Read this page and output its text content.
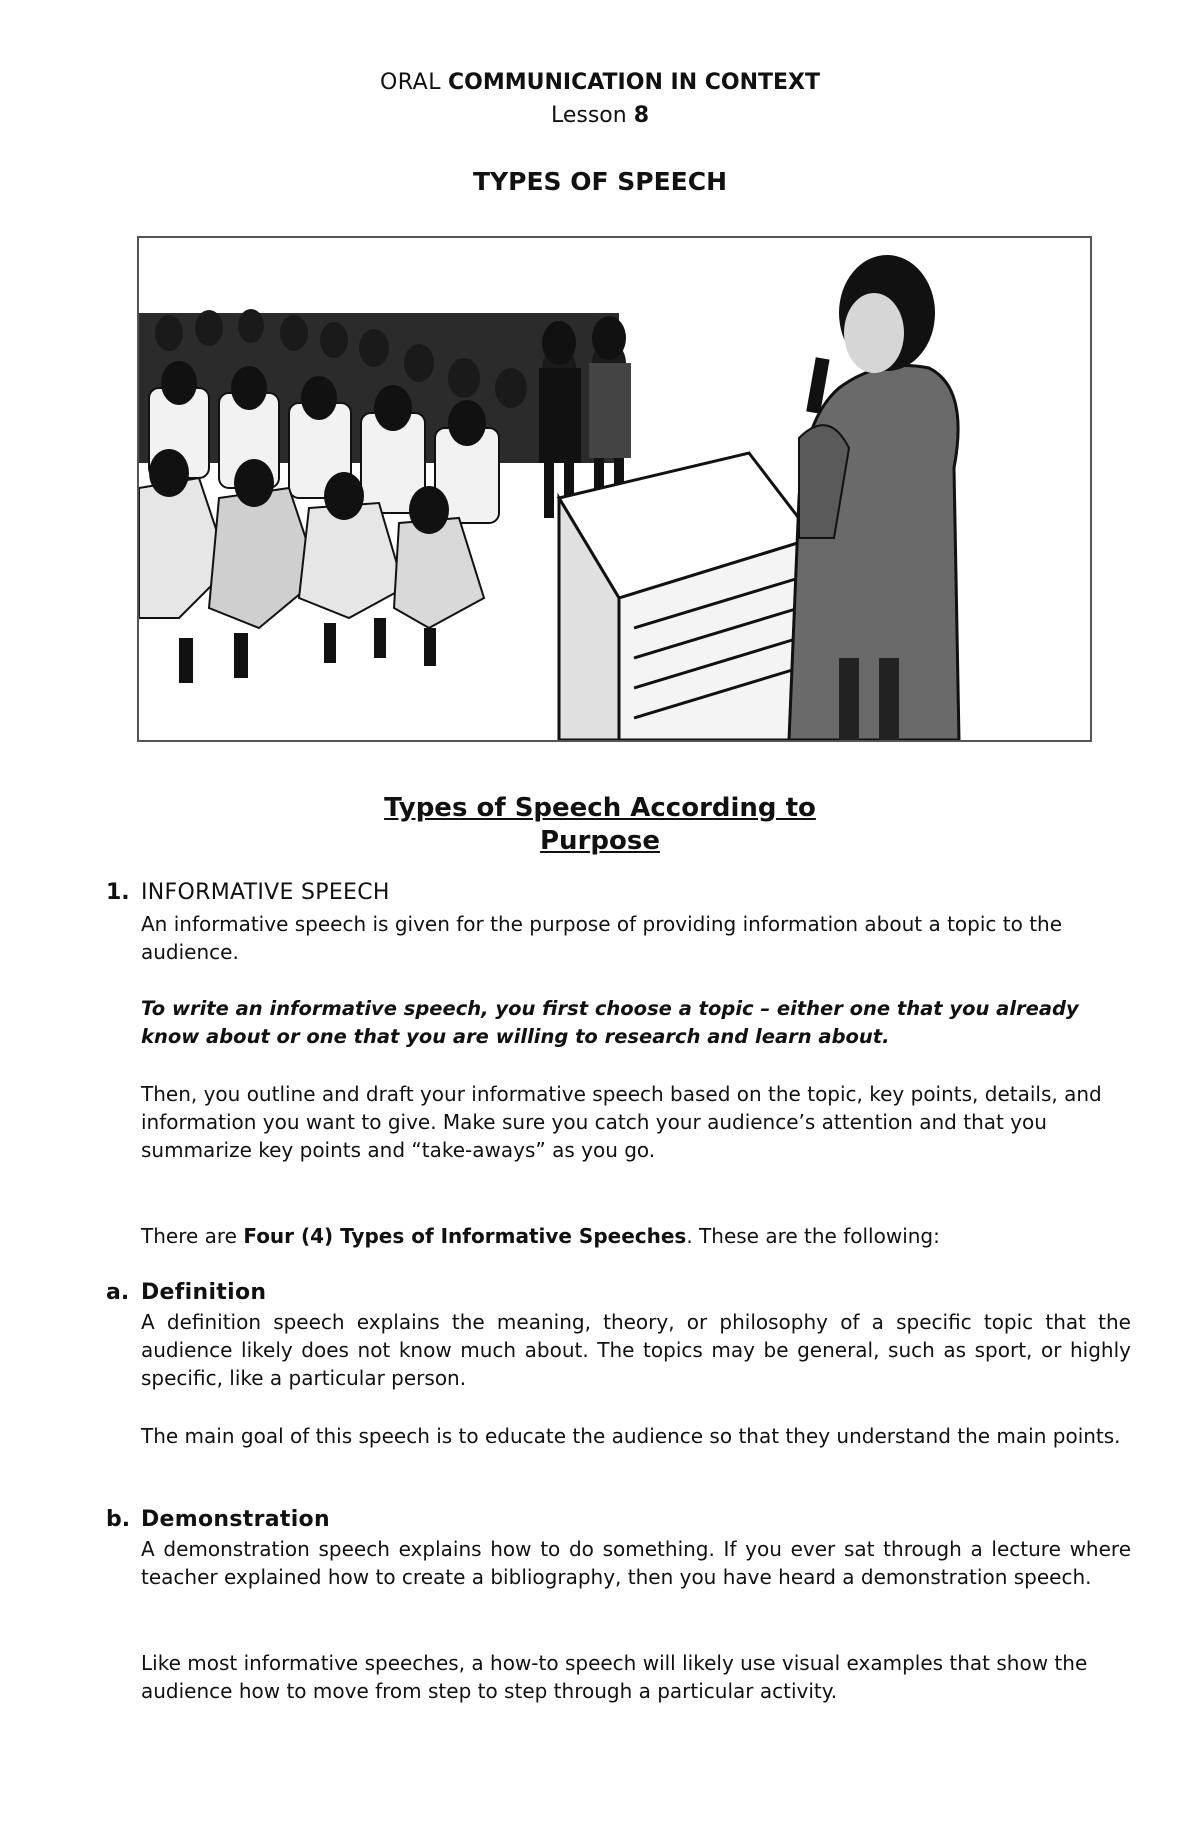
ORAL COMMUNICATION IN CONTEXT
Lesson 8
TYPES OF SPEECH
Types of Speech According to
Purpose
1. INFORMATIVE SPEECH

An informative speech is given for the purpose of providing information about a topic to the audience.

To write an informative speech, you first choose a topic – either one that you already know about or one that you are willing to research and learn about.

Then, you outline and draft your informative speech based on the topic, key points, details, and information you want to give. Make sure you catch your audience’s attention and that you summarize key points and “take-aways” as you go.

There are Four (4) Types of Informative Speeches. These are the following:
a. Definition

A definition speech explains the meaning, theory, or philosophy of a specific topic that the audience likely does not know much about. The topics may be general, such as sport, or highly specific, like a particular person.

The main goal of this speech is to educate the audience so that they understand the main points.

b. Demonstration

A demonstration speech explains how to do something. If you ever sat through a lecture where teacher explained how to create a bibliography, then you have heard a demonstration speech.

Like most informative speeches, a how-to speech will likely use visual examples that show the audience how to move from step to step through a particular activity.
